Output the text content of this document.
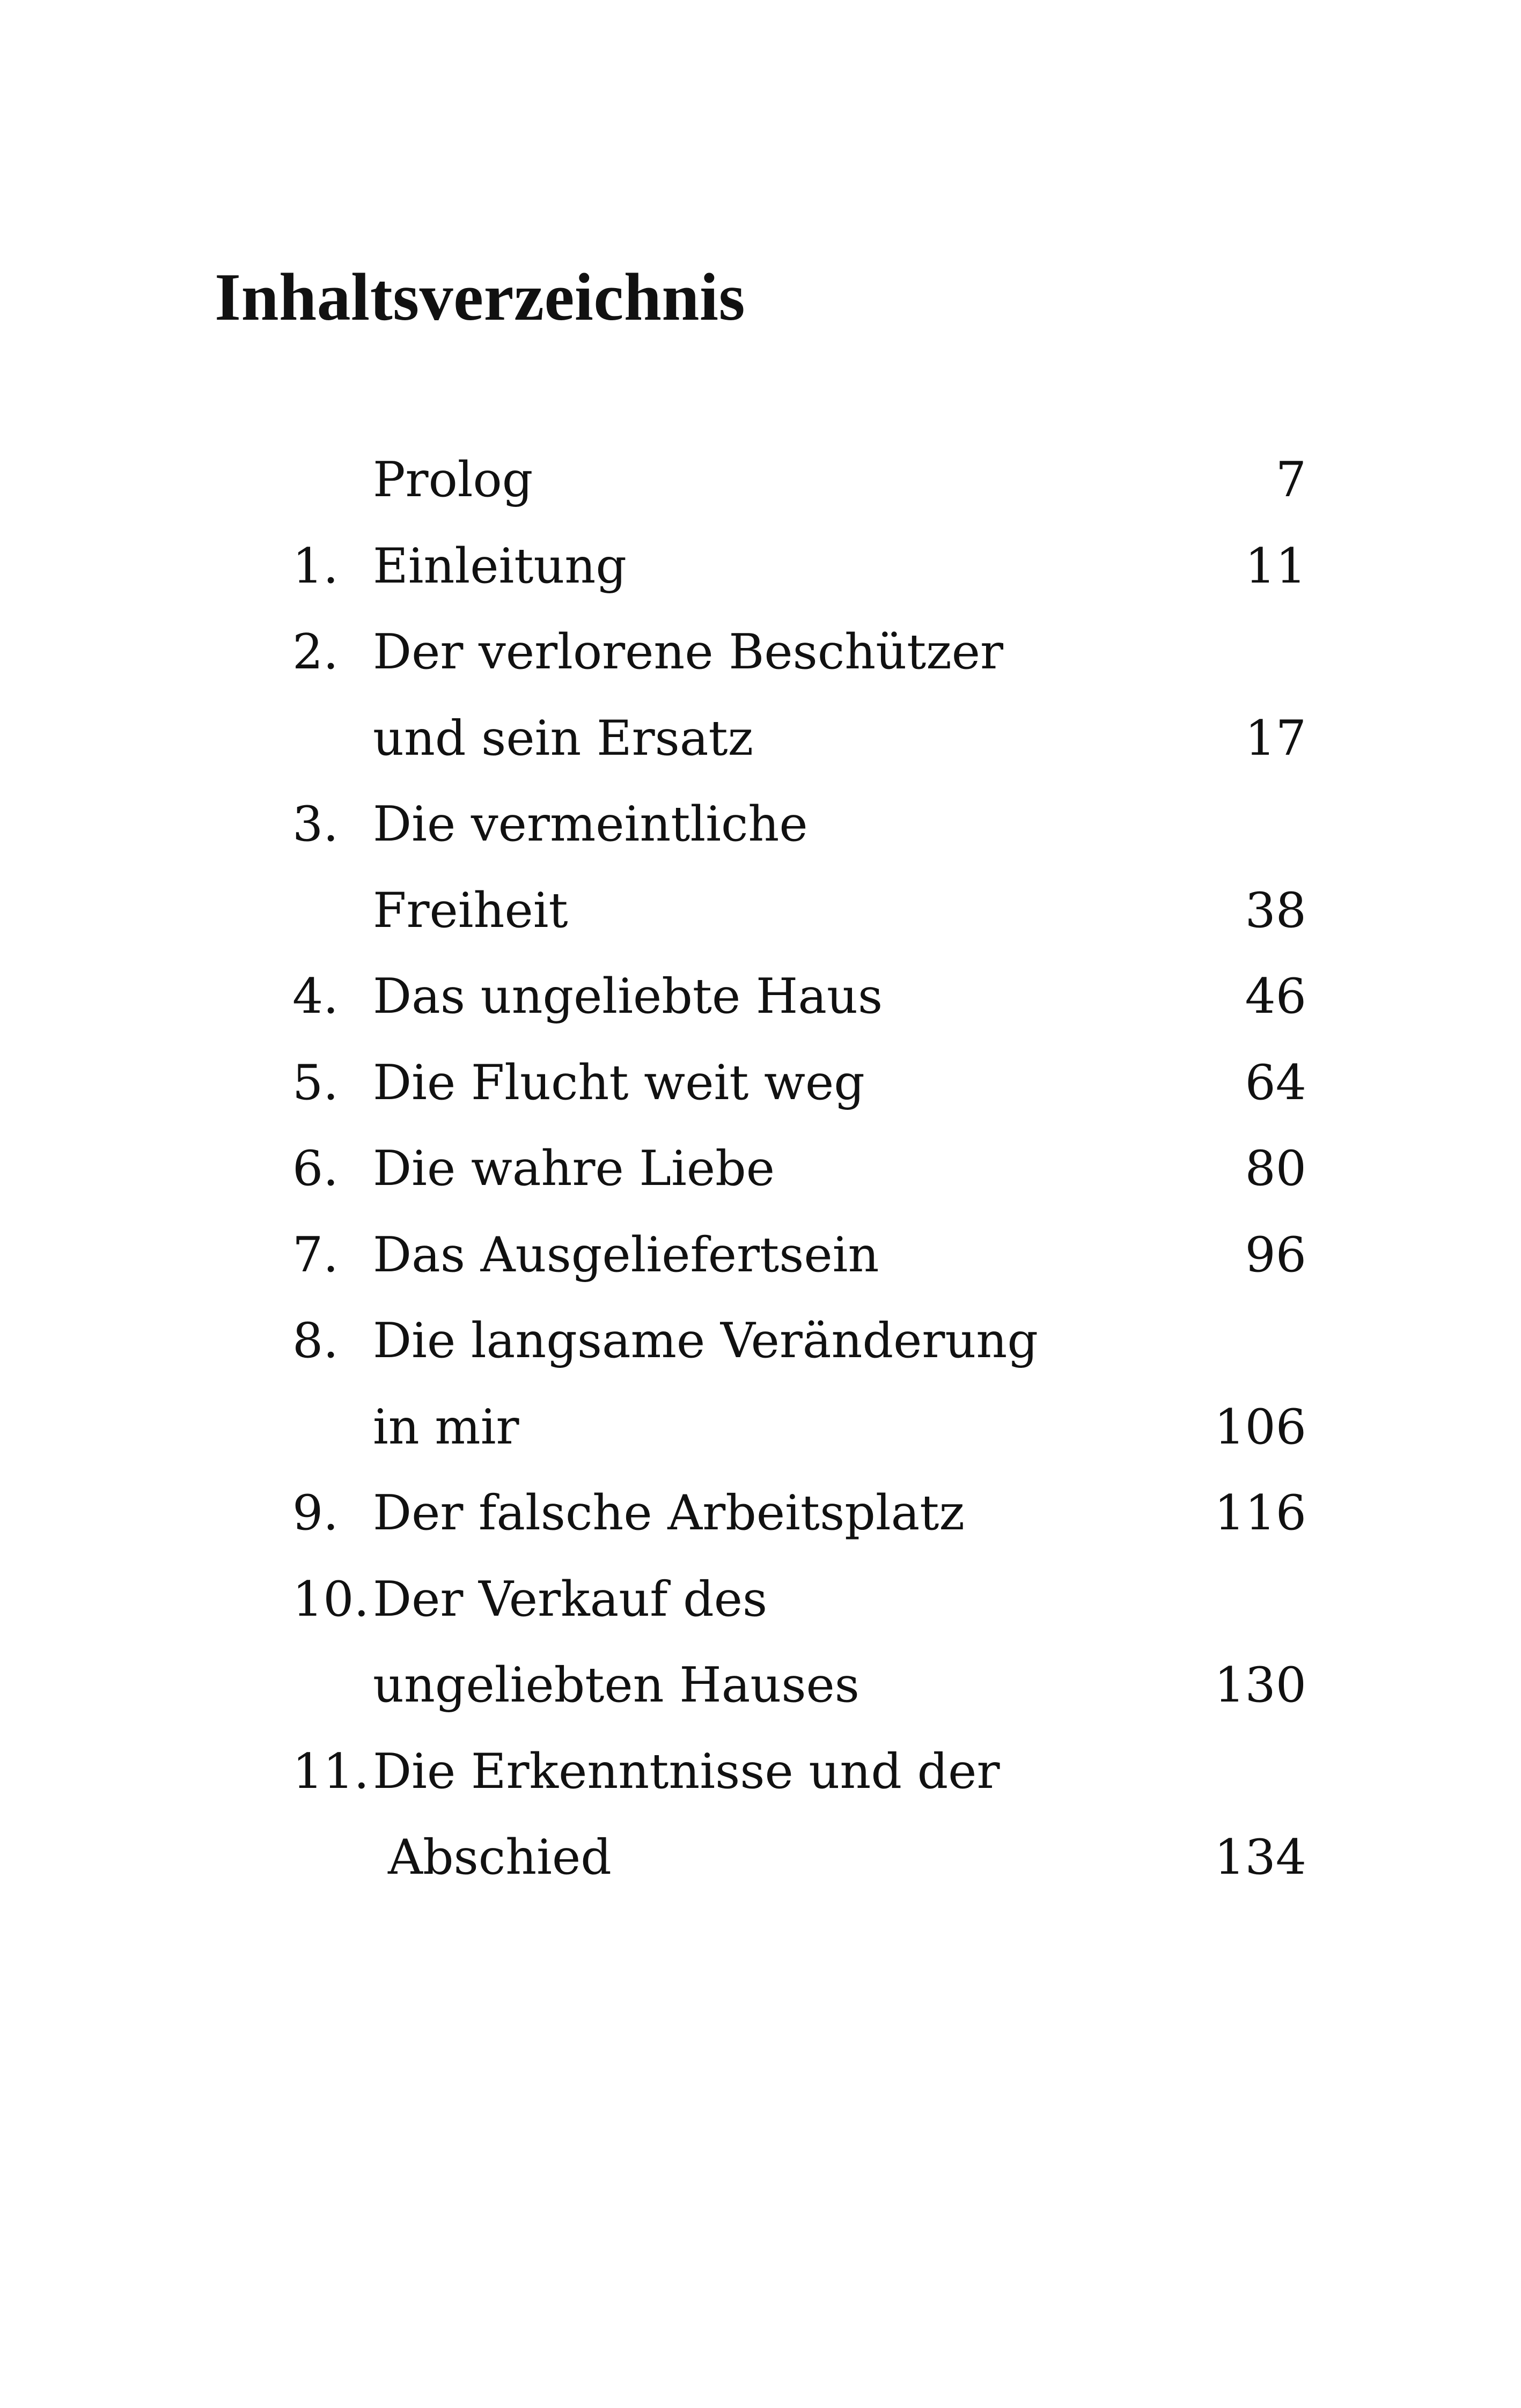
Inhaltsverzeichnis
Prolog	7
1. Einleitung	11
2. Der verlorene Beschützer
und sein Ersatz	17
3. Die vermeintliche
Freiheit	38
4. Das ungeliebte Haus	46
5. Die Flucht weit weg	64
6. Die wahre Liebe	80
7. Das Ausgeliefertsein	96
8. Die langsame Veränderung
in mir	106
9. Der falsche Arbeitsplatz	116
10. Der Verkauf des
ungeliebten Hauses	130
11. Die Erkenntnisse und der
Abschied	134
